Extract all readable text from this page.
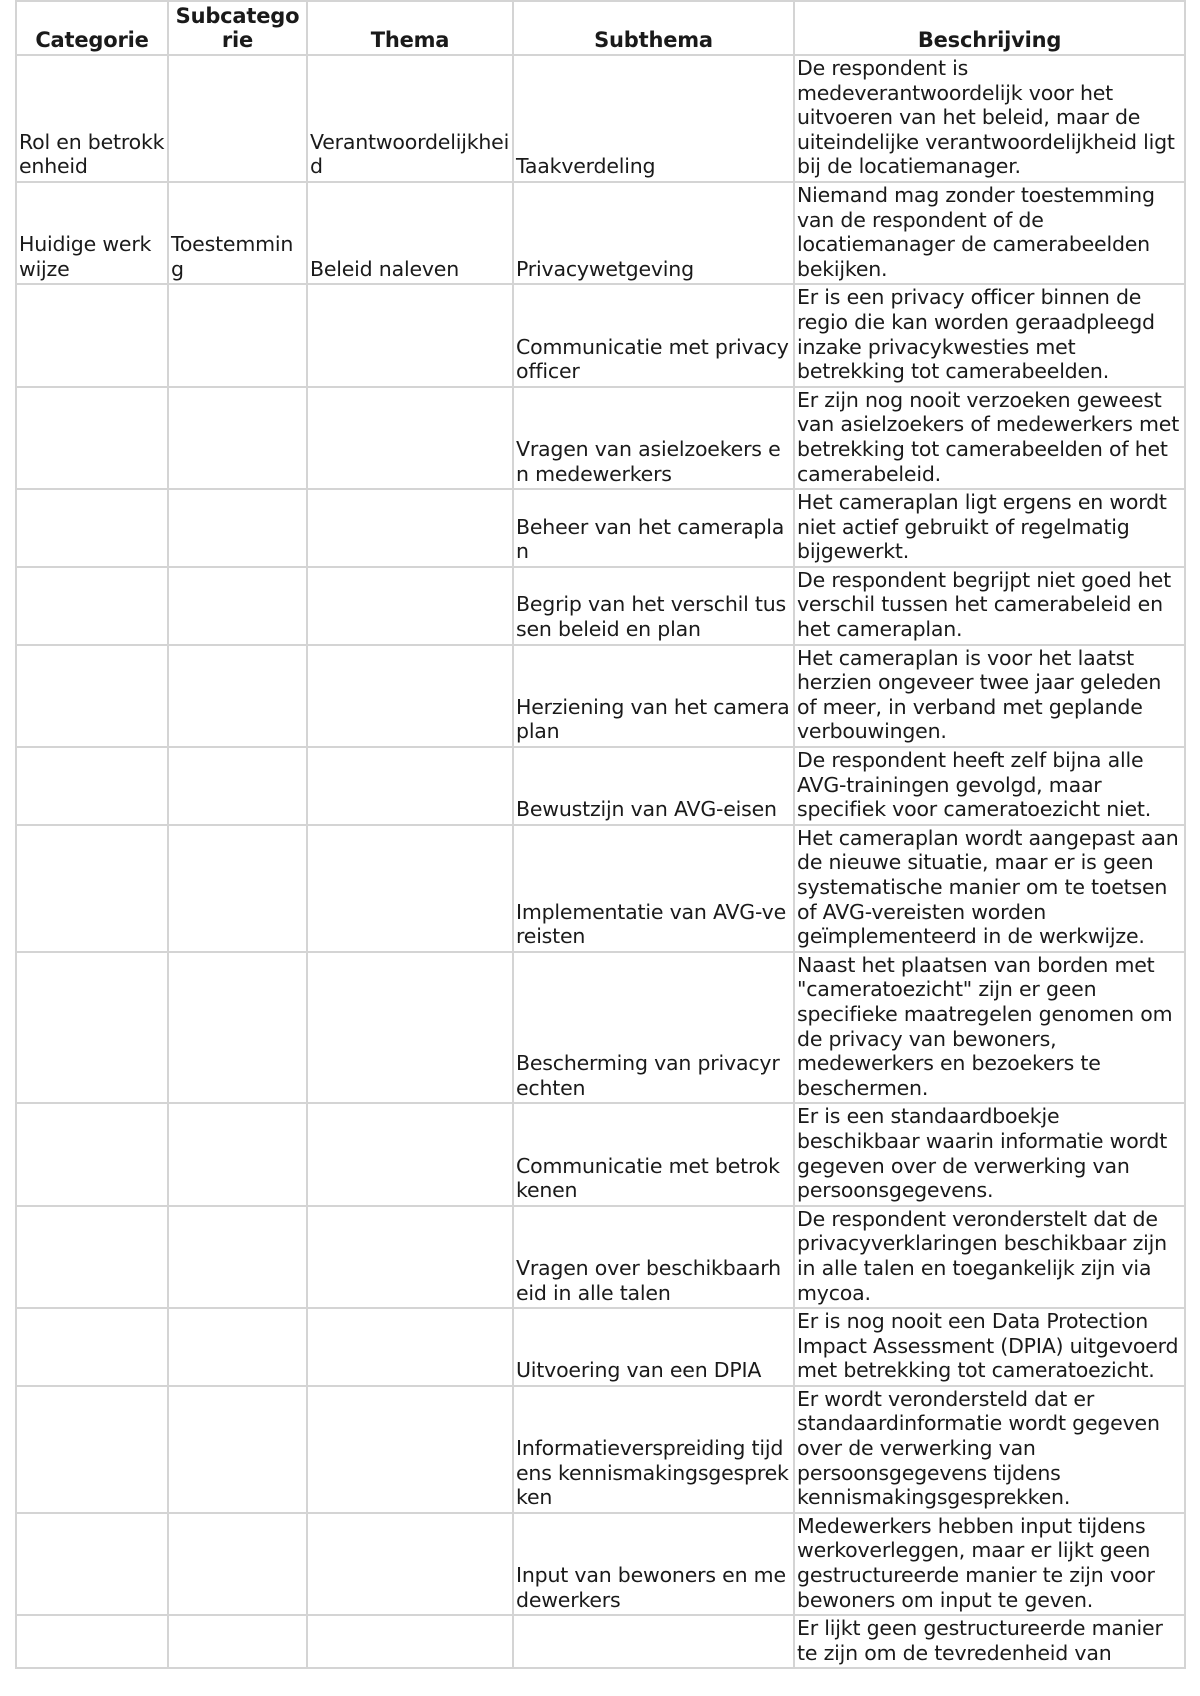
Categorie	Subcategorie	Thema	Subthema	Beschrijving
Rol en betrokkenheid		Verantwoordelijkheid	Taakverdeling	De respondent is medeverantwoordelijk voor het uitvoeren van het beleid, maar de uiteindelijke verantwoordelijkheid ligt bij de locatiemanager.
Huidige werkwijze	Toestemming	Beleid naleven	Privacywetgeving	Niemand mag zonder toestemming van de respondent of de locatiemanager de camerabeelden bekijken.
			Communicatie met privacy officer	Er is een privacy officer binnen de regio die kan worden geraadpleegd inzake privacykwesties met betrekking tot camerabeelden.
			Vragen van asielzoekers en medewerkers	Er zijn nog nooit verzoeken geweest van asielzoekers of medewerkers met betrekking tot camerabeelden of het camerabeleid.
			Beheer van het cameraplan	Het cameraplan ligt ergens en wordt niet actief gebruikt of regelmatig bijgewerkt.
			Begrip van het verschil tussen beleid en plan	De respondent begrijpt niet goed het verschil tussen het camerabeleid en het cameraplan.
			Herziening van het cameraplan	Het cameraplan is voor het laatst herzien ongeveer twee jaar geleden of meer, in verband met geplande verbouwingen.
			Bewustzijn van AVG-eisen	De respondent heeft zelf bijna alle AVG-trainingen gevolgd, maar specifiek voor cameratoezicht niet.
			Implementatie van AVG-vereisten	Het cameraplan wordt aangepast aan de nieuwe situatie, maar er is geen systematische manier om te toetsen of AVG-vereisten worden geïmplementeerd in de werkwijze.
			Bescherming van privacyrechten	Naast het plaatsen van borden met "cameratoezicht" zijn er geen specifieke maatregelen genomen om de privacy van bewoners, medewerkers en bezoekers te beschermen.
			Communicatie met betrokkenen	Er is een standaardboekje beschikbaar waarin informatie wordt gegeven over de verwerking van persoonsgegevens.
			Vragen over beschikbaarheid in alle talen	De respondent veronderstelt dat de privacyverklaringen beschikbaar zijn in alle talen en toegankelijk zijn via mycoa.
			Uitvoering van een DPIA	Er is nog nooit een Data Protection Impact Assessment (DPIA) uitgevoerd met betrekking tot cameratoezicht.
			Informatieverspreiding tijdens kennismakingsgesprekken	Er wordt verondersteld dat er standaardinformatie wordt gegeven over de verwerking van persoonsgegevens tijdens kennismakingsgesprekken.
			Input van bewoners en medewerkers	Medewerkers hebben input tijdens werkoverleggen, maar er lijkt geen gestructureerde manier te zijn voor bewoners om input te geven.
				Er lijkt geen gestructureerde manier te zijn om de tevredenheid van
